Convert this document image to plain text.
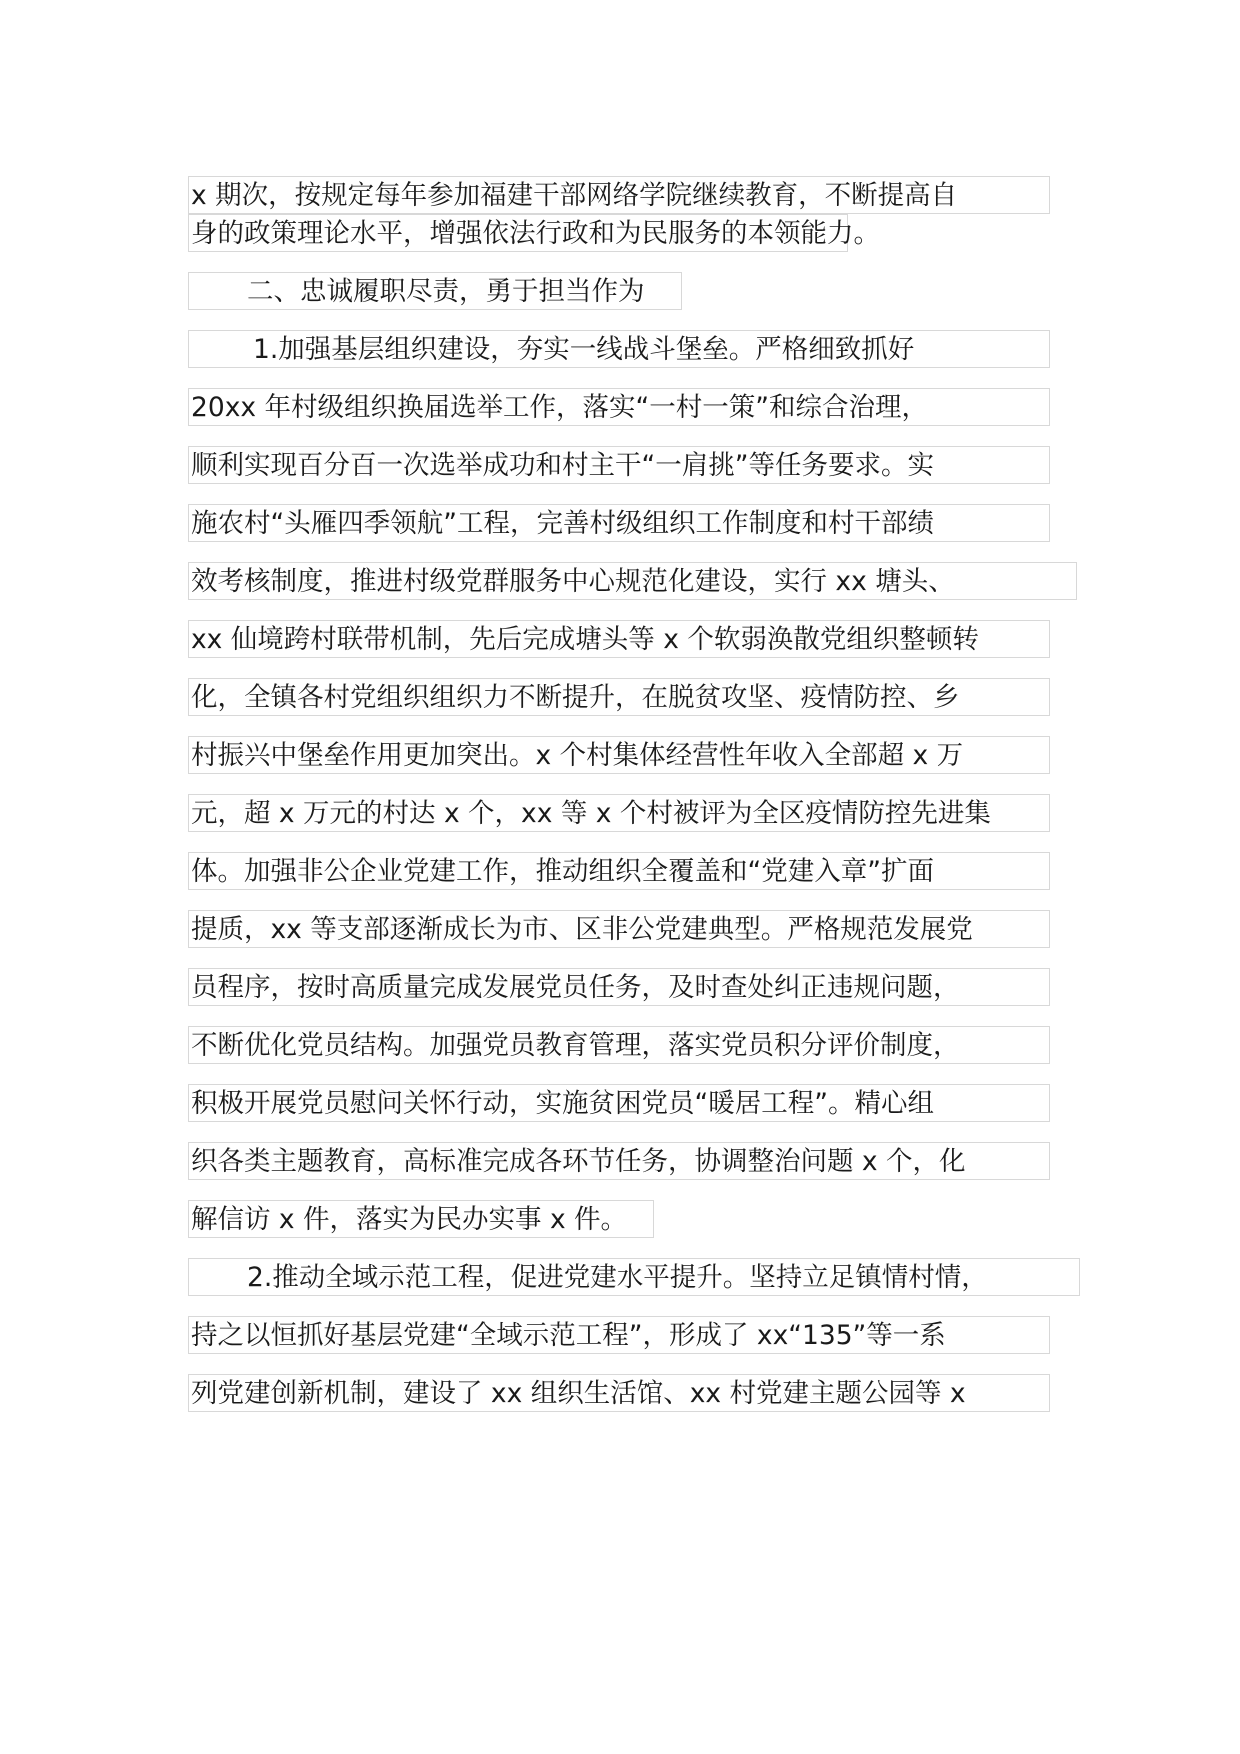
x 期次，按规定每年参加福建干部网络学院继续教育，不断提高自
身的政策理论水平，增强依法行政和为民服务的本领能力。
二、忠诚履职尽责，勇于担当作为
1.加强基层组织建设，夯实一线战斗堡垒。严格细致抓好
20xx 年村级组织换届选举工作，落实“一村一策”和综合治理，
顺利实现百分百一次选举成功和村主干“一肩挑”等任务要求。实
施农村“头雁四季领航”工程，完善村级组织工作制度和村干部绩
效考核制度，推进村级党群服务中心规范化建设，实行 xx 塘头、
xx 仙境跨村联带机制，先后完成塘头等 x 个软弱涣散党组织整顿转
化，全镇各村党组织组织力不断提升，在脱贫攻坚、疫情防控、乡
村振兴中堡垒作用更加突出。x 个村集体经营性年收入全部超 x 万
元，超 x 万元的村达 x 个，xx 等 x 个村被评为全区疫情防控先进集
体。加强非公企业党建工作，推动组织全覆盖和“党建入章”扩面
提质，xx 等支部逐渐成长为市、区非公党建典型。严格规范发展党
员程序，按时高质量完成发展党员任务，及时查处纠正违规问题，
不断优化党员结构。加强党员教育管理，落实党员积分评价制度，
积极开展党员慰问关怀行动，实施贫困党员“暖居工程”。精心组
织各类主题教育，高标准完成各环节任务，协调整治问题 x 个，化
解信访 x 件，落实为民办实事 x 件。
2.推动全域示范工程，促进党建水平提升。坚持立足镇情村情，
持之以恒抓好基层党建“全域示范工程”，形成了 xx“135”等一系
列党建创新机制，建设了 xx 组织生活馆、xx 村党建主题公园等 x
